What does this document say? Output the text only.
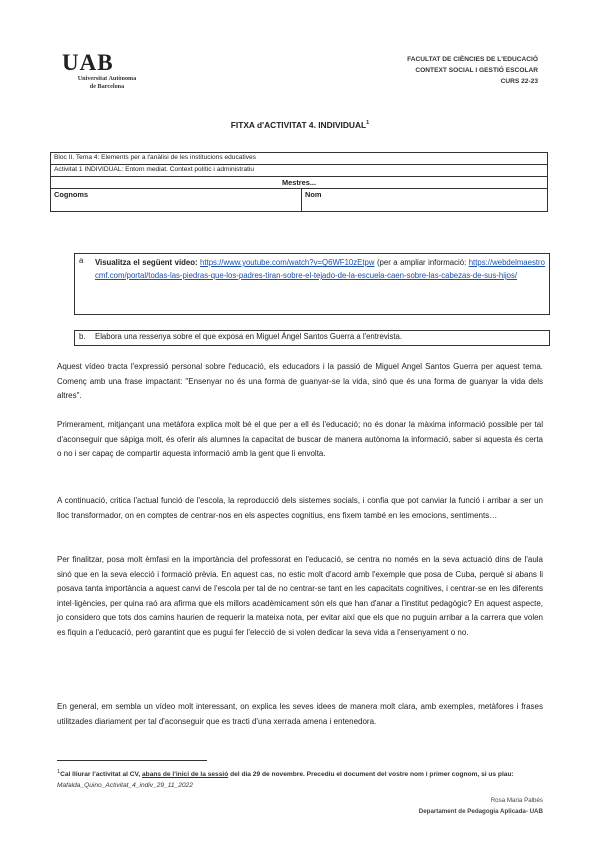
UAB
Universitat Autònoma
de Barcelona
FACULTAT DE CIÈNCIES DE L'EDUCACIÓ
CONTEXT SOCIAL I GESTIÓ ESCOLAR
CURS 22-23
FITXA d'ACTIVITAT 4. INDIVIDUAL$^1$
Bloc II. Tema 4: Elements per a l'anàlisi de les institucions educatives
Activitat 1 INDIVIDUAL: Entorn mediat. Context polític i administratiu
Mestres...
Cognoms	Nom
a Visualitza el següent vídeo: https://www.youtube.com/watch?v=Q6WF10zEtpw (per a ampliar informació: https://webdelmaestrocmf.com/portal/todas-las-piedras-que-los-padres-tiran-sobre-el-tejado-de-la-escuela-caen-sobre-las-cabezas-de-sus-hijos/
b. Elabora una ressenya sobre el que exposa en Miguel Ángel Santos Guerra a l'entrevista.
Aquest vídeo tracta l'expressió personal sobre l'educació, els educadors i la passió de Miguel Angel Santos Guerra per aquest tema. Començ amb una frase impactant: "Ensenyar no és una forma de guanyar-se la vida, sinó que és una forma de guanyar la vida dels altres".
Primerament, mitjançant una metàfora explica molt bé el que per a ell és l'educació; no és donar la màxima informació possible per tal d'aconseguir que sàpiga molt, és oferir als alumnes la capacitat de buscar de manera autònoma la informació, saber si aquesta és certa o no i ser capaç de compartir aquesta informació amb la gent que li envolta.
A continuació, critica l'actual funció de l'escola, la reproducció dels sistemes socials, i confia que pot canviar la funció i arribar a ser un lloc transformador, on en comptes de centrar-nos en els aspectes cognitius, ens fixem també en les emocions, sentiments…
Per finalitzar, posa molt èmfasi en la importància del professorat en l'educació, se centra no només en la seva actuació dins de l'aula sinó que en la seva elecció i formació prèvia. En aquest cas, no estic molt d'acord amb l'exemple que posa de Cuba, perquè si abans li posava tanta importància a aquest canvi de l'escola per tal de no centrar-se tant en les capacitats cognitives, i centrar-se en les diferents intel·ligències, per quina raó ara afirma que els millors acadèmicament són els que han d'anar a l'institut pedagògic? En aquest aspecte, jo considero que tots dos camins haurien de requerir la mateixa nota, per evitar així que els que no puguin arribar a la carrera que volen es fiquin a l'educació, però garantint que es pugui fer l'elecció de si volen dedicar la seva vida a l'ensenyament o no.
En general, em sembla un vídeo molt interessant, on explica les seves idees de manera molt clara, amb exemples, metàfores i frases utilitzades diariament per tal d'aconseguir que es tracti d'una xerrada amena i entenedora.
$^1$Cal lliurar l'activitat al CV, abans de l'inici de la sessió del dia 29 de novembre. Precediu el document del vostre nom i primer cognom, si us plau: Mafalda_Quino_Activitat_4_indiv_29_11_2022
Rosa Maria Palbés
Departament de Pedagogia Aplicada- UAB
